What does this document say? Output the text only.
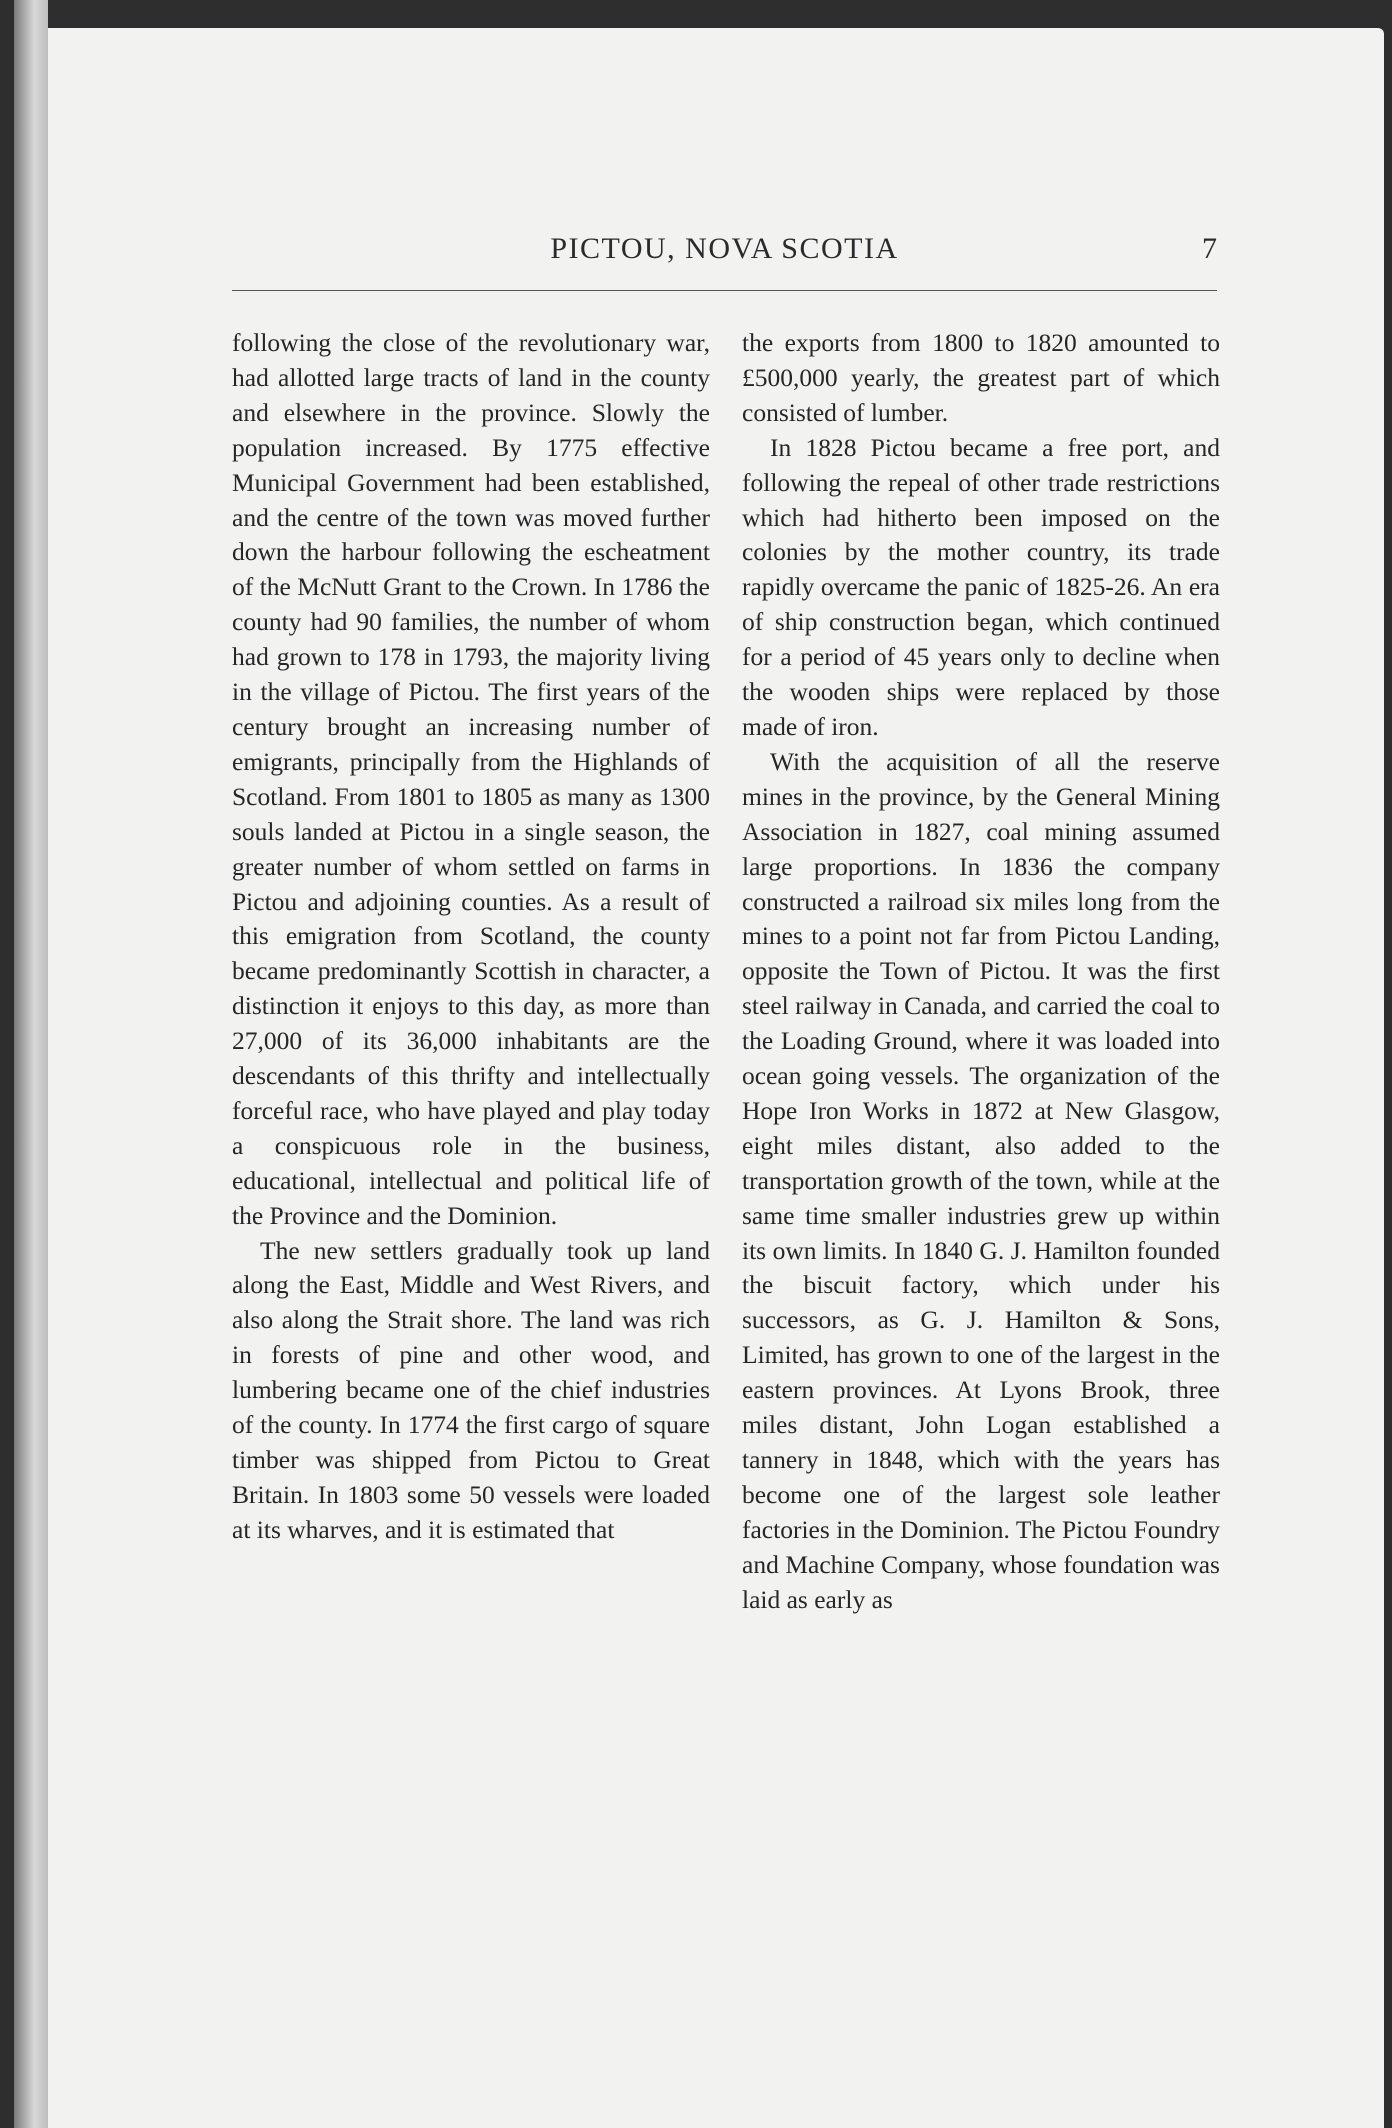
PICTOU, NOVA SCOTIA	7

following the close of the revolutionary war, had allotted large tracts of land in the county and elsewhere in the province. Slowly the population increased. By 1775 effective Municipal Government had been established, and the centre of the town was moved further down the harbour following the escheatment of the McNutt Grant to the Crown. In 1786 the county had 90 families, the number of whom had grown to 178 in 1793, the majority living in the village of Pictou. The first years of the century brought an increasing number of emigrants, principally from the Highlands of Scotland. From 1801 to 1805 as many as 1300 souls landed at Pictou in a single season, the greater number of whom settled on farms in Pictou and adjoining counties. As a result of this emigration from Scotland, the county became predominantly Scottish in character, a distinction it enjoys to this day, as more than 27,000 of its 36,000 inhabitants are the descendants of this thrifty and intellectually forceful race, who have played and play today a conspicuous role in the business, educational, intellectual and political life of the Province and the Dominion.

The new settlers gradually took up land along the East, Middle and West Rivers, and also along the Strait shore. The land was rich in forests of pine and other wood, and lumbering became one of the chief industries of the county. In 1774 the first cargo of square timber was shipped from Pictou to Great Britain. In 1803 some 50 vessels were loaded at its wharves, and it is estimated that

the exports from 1800 to 1820 amounted to £500,000 yearly, the greatest part of which consisted of lumber.

In 1828 Pictou became a free port, and following the repeal of other trade restrictions which had hitherto been imposed on the colonies by the mother country, its trade rapidly overcame the panic of 1825-26. An era of ship construction began, which continued for a period of 45 years only to decline when the wooden ships were replaced by those made of iron.

With the acquisition of all the reserve mines in the province, by the General Mining Association in 1827, coal mining assumed large proportions. In 1836 the company constructed a railroad six miles long from the mines to a point not far from Pictou Landing, opposite the Town of Pictou. It was the first steel railway in Canada, and carried the coal to the Loading Ground, where it was loaded into ocean going vessels. The organization of the Hope Iron Works in 1872 at New Glasgow, eight miles distant, also added to the transportation growth of the town, while at the same time smaller industries grew up within its own limits. In 1840 G. J. Hamilton founded the biscuit factory, which under his successors, as G. J. Hamilton & Sons, Limited, has grown to one of the largest in the eastern provinces. At Lyons Brook, three miles distant, John Logan established a tannery in 1848, which with the years has become one of the largest sole leather factories in the Dominion. The Pictou Foundry and Machine Company, whose foundation was laid as early as
